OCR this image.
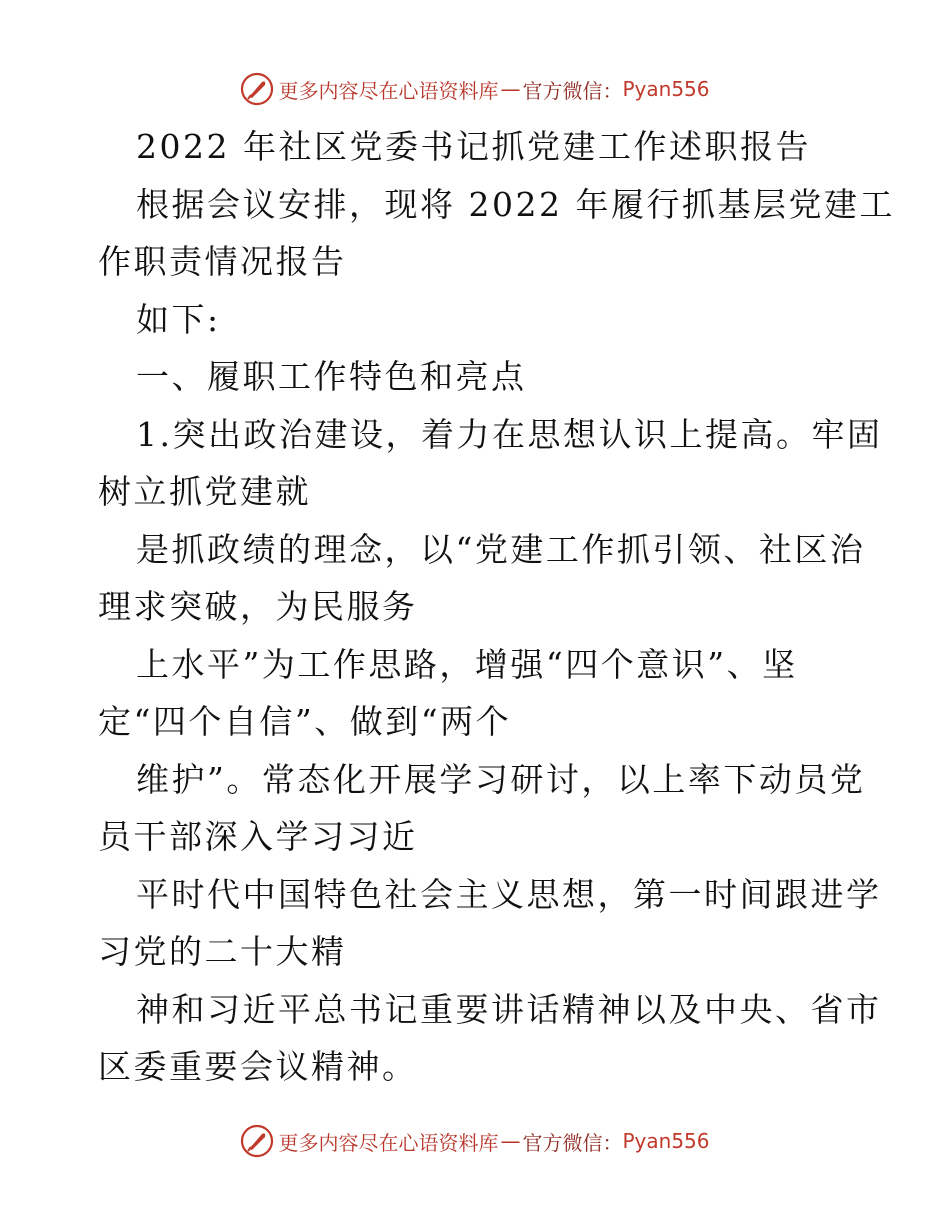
更多内容尽在心语资料库 — 官方微信： Pyan556
2022 年社区党委书记抓党建工作述职报告
根据会议安排，现将 2022 年履行抓基层党建工
作职责情况报告
如下:
一、履职工作特色和亮点
1.突出政治建设，着力在思想认识上提高。牢固
树立抓党建就
是抓政绩的理念，以“党建工作抓引领、社区治
理求突破，为民服务
上水平”为工作思路，增强“四个意识”、坚
定“四个自信”、做到“两个
维护”。常态化开展学习研讨，以上率下动员党
员干部深入学习习近
平时代中国特色社会主义思想，第一时间跟进学
习党的二十大精
神和习近平总书记重要讲话精神以及中央、省市
区委重要会议精神。
更多内容尽在心语资料库 — 官方微信： Pyan556
